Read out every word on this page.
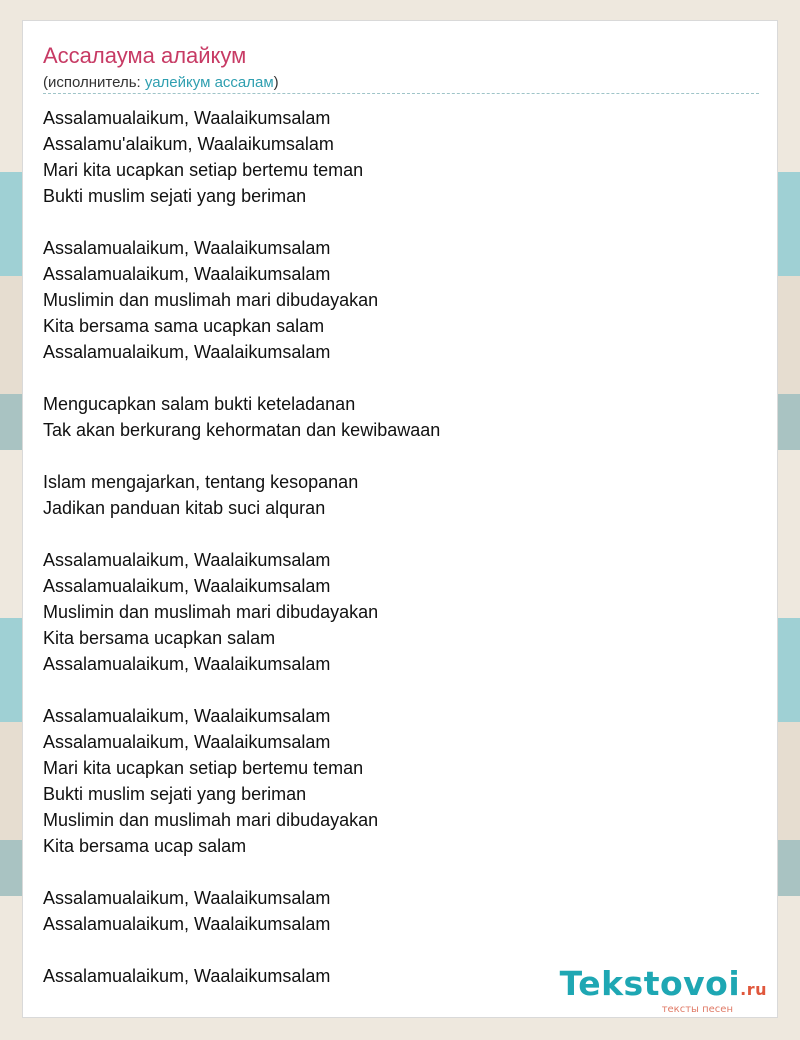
Ассалаума алайкум
(исполнитель: уалейкум ассалам)
Assalamualaikum, Waalaikumsalam
Assalamu'alaikum, Waalaikumsalam
Mari kita ucapkan setiap bertemu teman
Bukti muslim sejati yang beriman
Assalamualaikum, Waalaikumsalam
Assalamualaikum, Waalaikumsalam
Muslimin dan muslimah mari dibudayakan
Kita bersama sama ucapkan salam
Assalamualaikum, Waalaikumsalam
Mengucapkan salam bukti keteladanan
Tak akan berkurang kehormatan dan kewibawaan
Islam mengajarkan, tentang kesopanan
Jadikan panduan kitab suci alquran
Assalamualaikum, Waalaikumsalam
Assalamualaikum, Waalaikumsalam
Muslimin dan muslimah mari dibudayakan
Kita bersama ucapkan salam
Assalamualaikum, Waalaikumsalam
Assalamualaikum, Waalaikumsalam
Assalamualaikum, Waalaikumsalam
Mari kita ucapkan setiap bertemu teman
Bukti muslim sejati yang beriman
Muslimin dan muslimah mari dibudayakan
Kita bersama ucap salam
Assalamualaikum, Waalaikumsalam
Assalamualaikum, Waalaikumsalam
Assalamualaikum, Waalaikumsalam	Tekstovoi.ru
тексты песен
